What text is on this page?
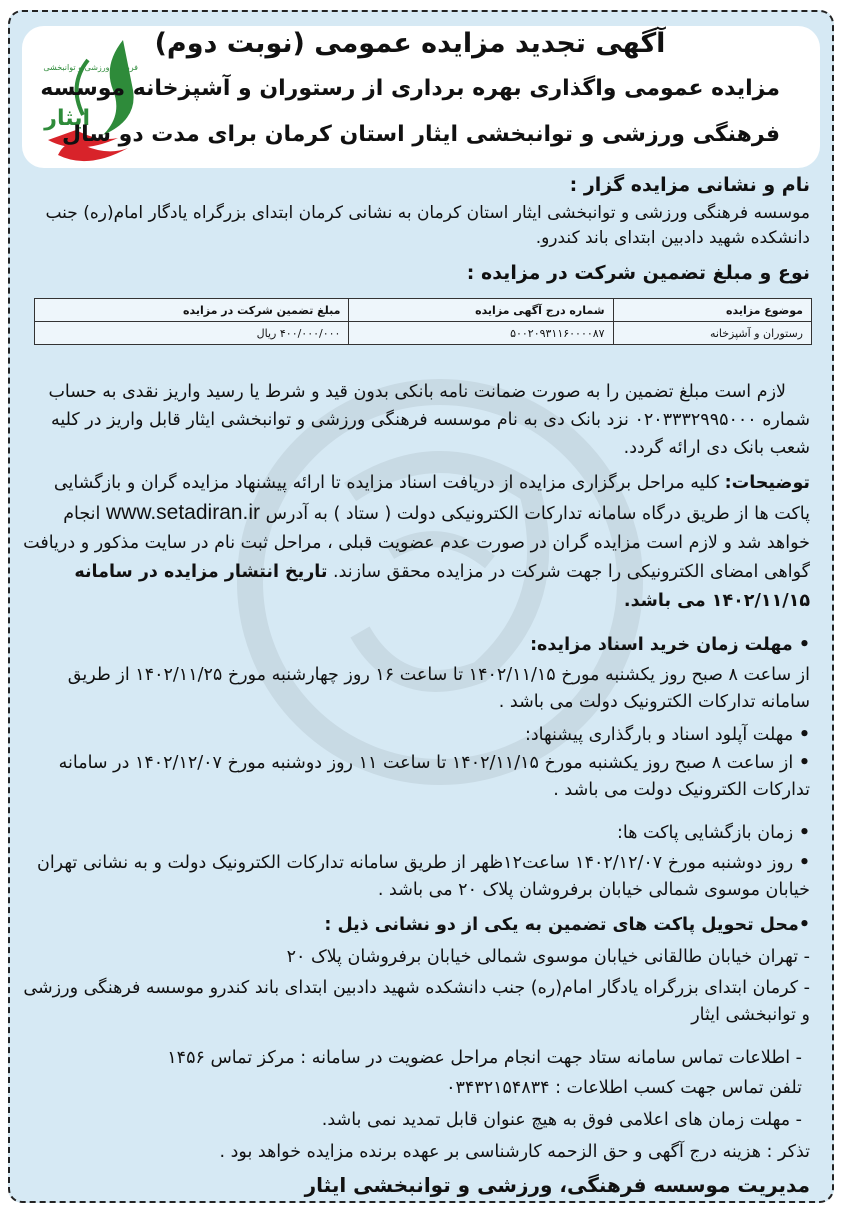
ایثار
فرهنگی ورزشی و توانبخشی
آگهی تجدید مزایده عمومی (نوبت دوم)
مزایده عمومی واگذاری بهره برداری از رستوران و آشپزخانه موسسه
فرهنگی ورزشی و توانبخشی ایثار استان کرمان برای مدت دو سال
نام و نشانی مزایده گزار :
موسسه فرهنگی ورزشی و توانبخشی ایثار استان کرمان به نشانی کرمان ابتدای بزرگراه یادگار امام(ره) جنب دانشکده شهید دادبین ابتدای باند کندرو.
نوع و مبلغ تضمین شرکت در مزایده :
موضوع مزایده	شماره درج آگهی مزایده	مبلغ تضمین شرکت در مزایده
رستوران و آشپزخانه	۵۰۰۲۰۹۳۱۱۶۰۰۰۰۸۷	۴۰۰/۰۰۰/۰۰۰ ریال
لازم است مبلغ تضمین را به صورت ضمانت نامه بانکی بدون قید و شرط یا رسید واریز نقدی به حساب شماره ۰۲۰۳۳۳۲۹۹۵۰۰۰ نزد بانک دی به نام موسسه فرهنگی ورزشی و توانبخشی ایثار قابل واریز در کلیه شعب بانک دی ارائه گردد.
توضیحات: کلیه مراحل برگزاری مزایده از دریافت اسناد مزایده تا ارائه پیشنهاد مزایده گران و بازگشایی پاکت ها از طریق درگاه سامانه تدارکات الکترونیکی دولت ( ستاد ) به آدرس www.setadiran.ir انجام خواهد شد و لازم است مزایده گران در صورت عدم عضویت قبلی ، مراحل ثبت نام در سایت مذکور و دریافت گواهی امضای الکترونیکی را جهت شرکت در مزایده محقق سازند. تاریخ انتشار مزایده در سامانه ۱۴۰۲/۱۱/۱۵ می باشد.
• مهلت زمان خرید اسناد مزایده:
از ساعت ۸ صبح روز یکشنبه مورخ ۱۴۰۲/۱۱/۱۵ تا ساعت ۱۶ روز چهارشنبه مورخ ۱۴۰۲/۱۱/۲۵ از طریق سامانه تدارکات الکترونیک دولت می باشد .
• مهلت آپلود اسناد و بارگذاری پیشنهاد:
• از ساعت ۸ صبح روز یکشنبه مورخ ۱۴۰۲/۱۱/۱۵ تا ساعت ۱۱ روز دوشنبه مورخ ۱۴۰۲/۱۲/۰۷ در سامانه تدارکات الکترونیک دولت می باشد .
• زمان بازگشایی پاکت ها:
• روز دوشنبه مورخ ۱۴۰۲/۱۲/۰۷ ساعت۱۲ظهر از طریق سامانه تدارکات الکترونیک دولت و به نشانی تهران خیابان موسوی شمالی خیابان برفروشان پلاک ۲۰ می باشد .
•محل تحویل پاکت های تضمین به یکی از دو نشانی ذیل :
- تهران خیابان طالقانی خیابان موسوی شمالی خیابان برفروشان پلاک ۲۰
- کرمان ابتدای بزرگراه یادگار امام(ره) جنب دانشکده شهید دادبین ابتدای باند کندرو موسسه فرهنگی ورزشی و توانبخشی ایثار
- اطلاعات تماس سامانه ستاد جهت انجام مراحل عضویت در سامانه : مرکز تماس ۱۴۵۶
تلفن تماس جهت کسب اطلاعات : ۰۳۴۳۲۱۵۴۸۳۴
- مهلت زمان های اعلامی فوق به هیچ عنوان قابل تمدید نمی باشد.
تذکر : هزینه درج آگهی و حق الزحمه کارشناسی بر عهده برنده مزایده خواهد بود .
مدیریت موسسه فرهنگی، ورزشی و توانبخشی ایثار
